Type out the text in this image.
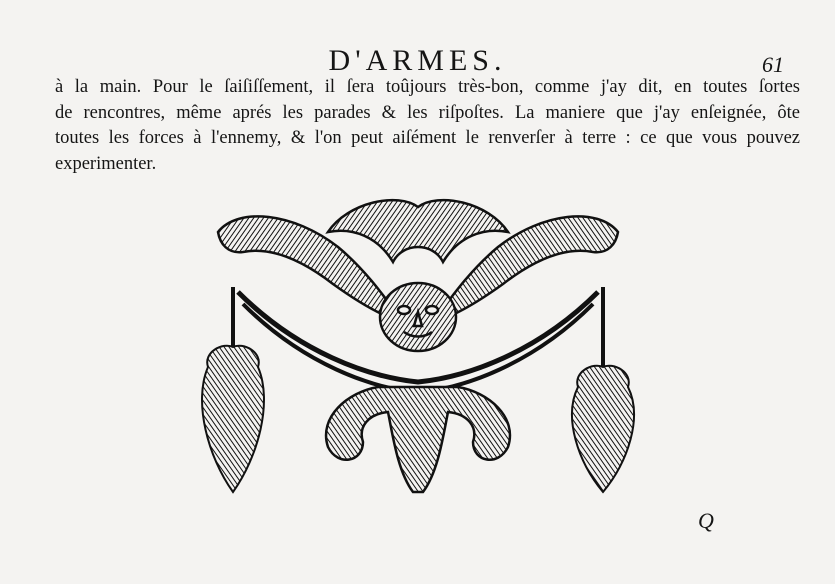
D'ARMES.	61
à la main. Pour le ſaiſiſſement, il ſera toûjours très-bon, comme j'ay dit, en toutes ſortes
de rencontres, même aprés les parades & les riſpoſtes. La maniere que j'ay enſeignée, ôte
toutes les forces à l'ennemy, & l'on peut aiſément le renverſer à terre : ce que vous pouvez
experimenter.
Q
